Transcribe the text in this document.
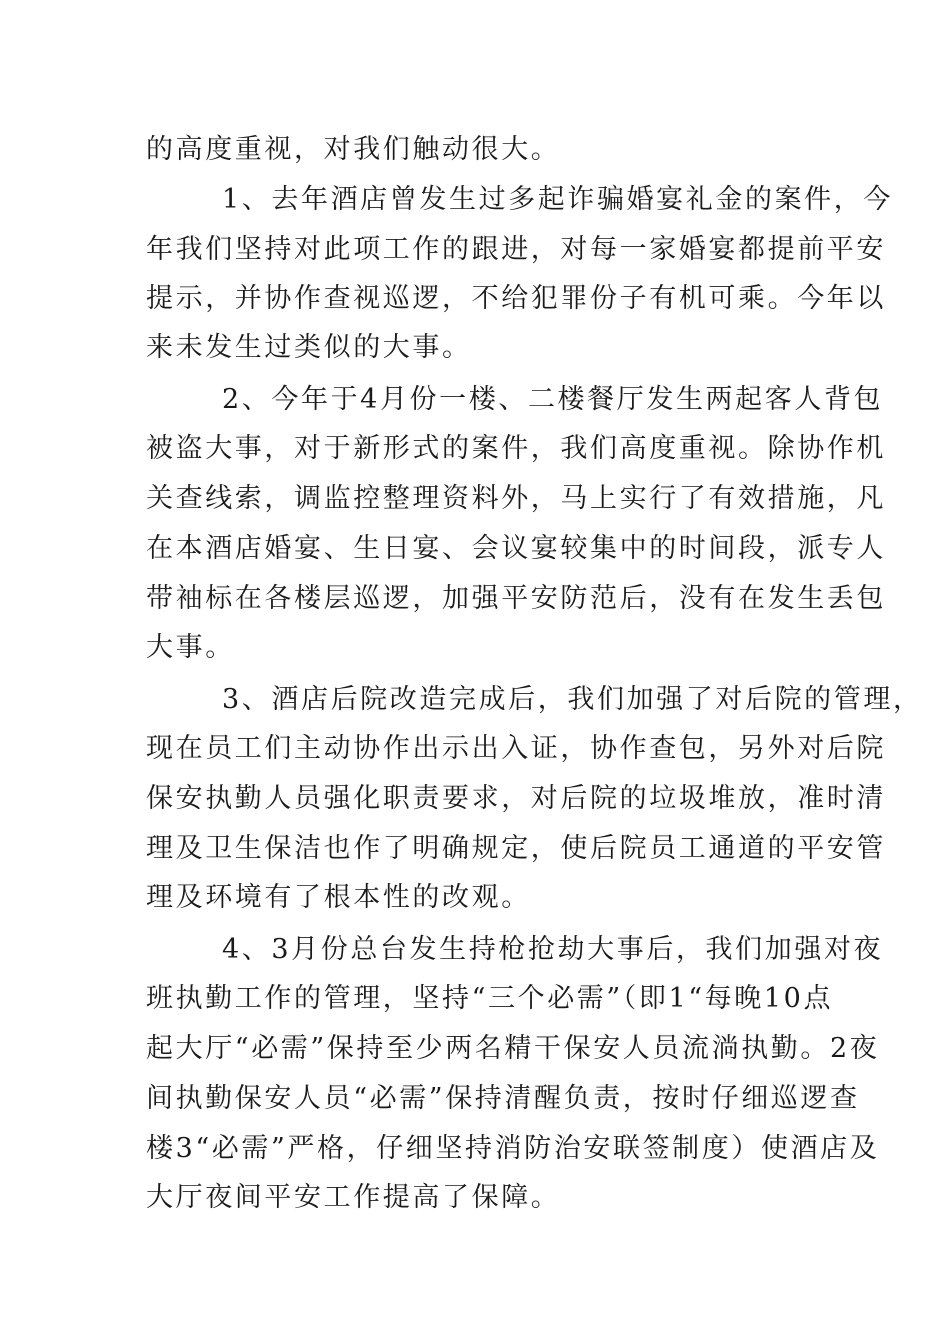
的高度重视，对我们触动很大。

1、去年酒店曾发生过多起诈骗婚宴礼金的案件，今

年我们坚持对此项工作的跟进，对每一家婚宴都提前平安

提示，并协作查视巡逻，不给犯罪份子有机可乘。今年以

来未发生过类似的大事。

2、今年于4月份一楼、二楼餐厅发生两起客人背包

被盗大事，对于新形式的案件，我们高度重视。除协作机

关查线索，调监控整理资料外，马上实行了有效措施，凡

在本酒店婚宴、生日宴、会议宴较集中的时间段，派专人

带袖标在各楼层巡逻，加强平安防范后，没有在发生丢包

大事。

3、酒店后院改造完成后，我们加强了对后院的管理，

现在员工们主动协作出示出入证，协作查包，另外对后院

保安执勤人员强化职责要求，对后院的垃圾堆放，准时清

理及卫生保洁也作了明确规定，使后院员工通道的平安管

理及环境有了根本性的改观。

4、3月份总台发生持枪抢劫大事后，我们加强对夜

班执勤工作的管理，坚持“三个必需”（即1“每晚10点

起大厅“必需”保持至少两名精干保安人员流淌执勤。2夜

间执勤保安人员“必需”保持清醒负责，按时仔细巡逻查

楼3“必需”严格，仔细坚持消防治安联签制度）使酒店及

大厅夜间平安工作提高了保障。
